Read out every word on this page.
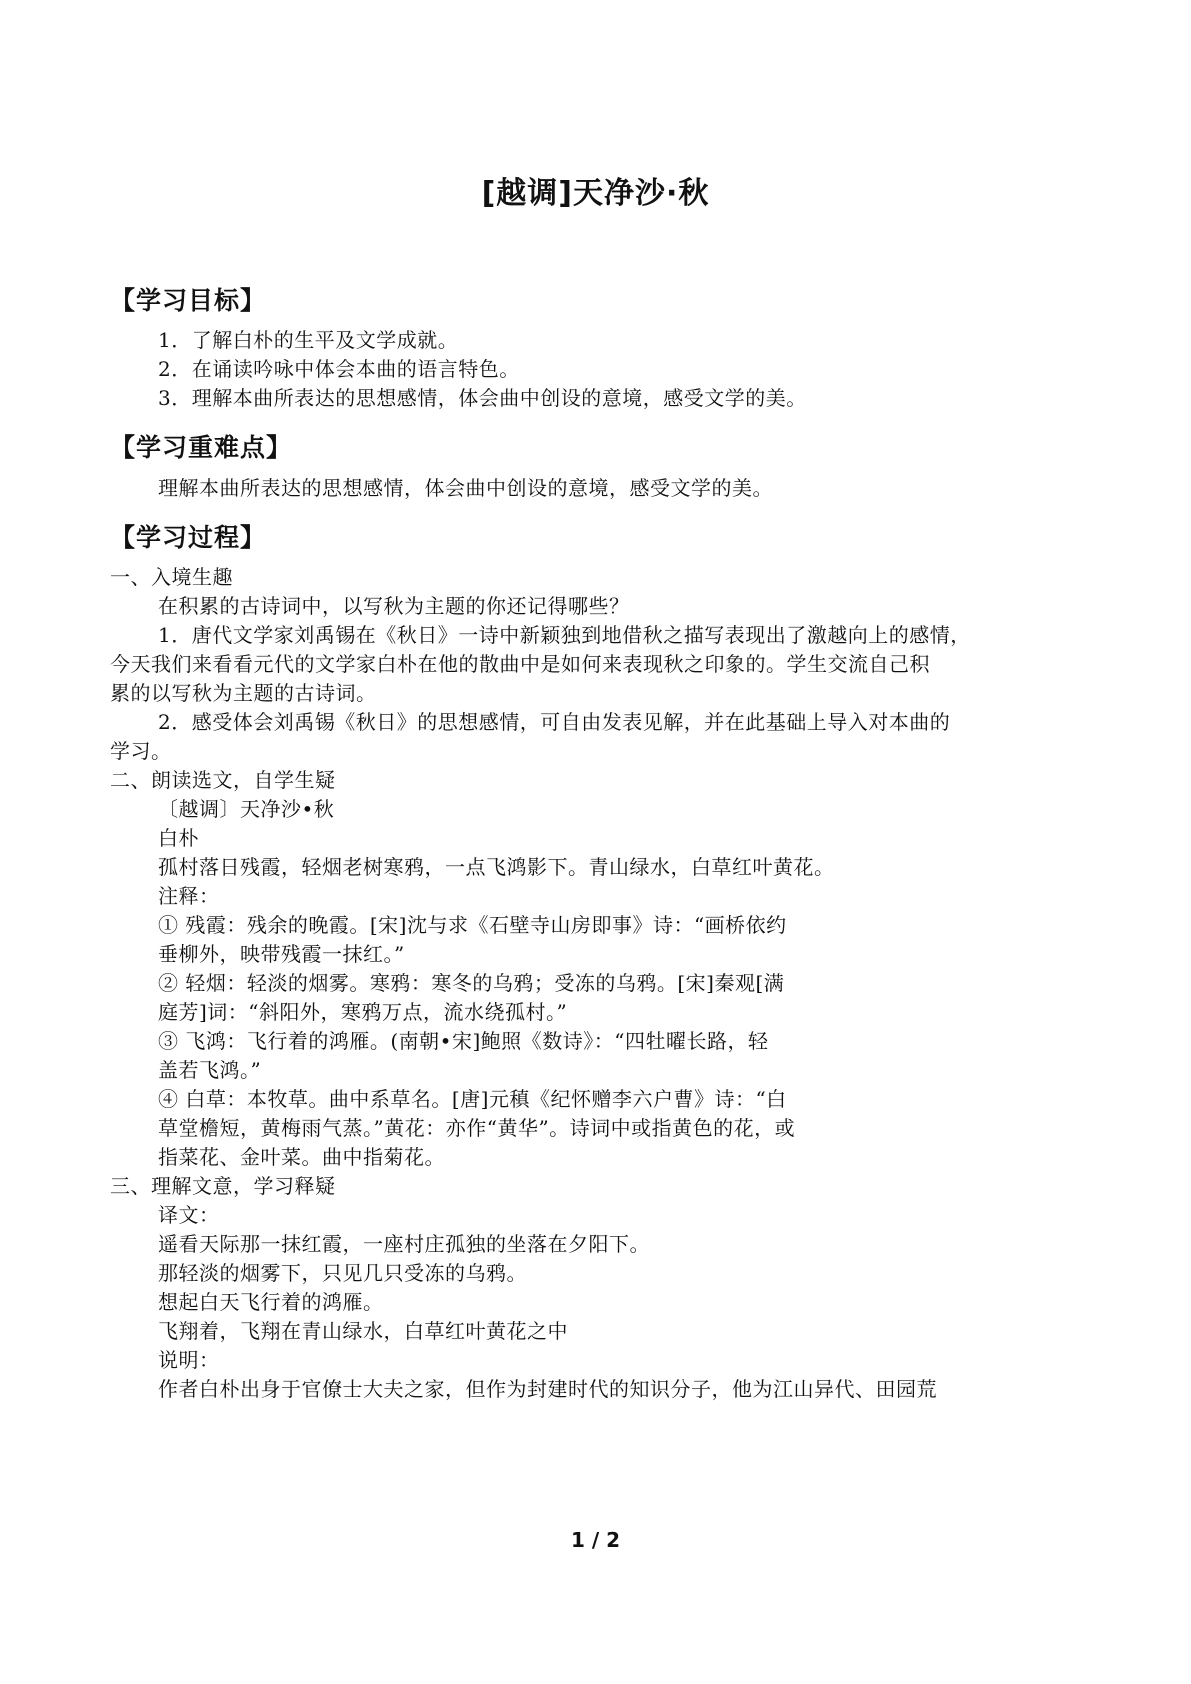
[越调]天净沙·秋
【学习目标】
1．了解白朴的生平及文学成就。
2．在诵读吟咏中体会本曲的语言特色。
3．理解本曲所表达的思想感情，体会曲中创设的意境，感受文学的美。
【学习重难点】
理解本曲所表达的思想感情，体会曲中创设的意境，感受文学的美。
【学习过程】
一、入境生趣
在积累的古诗词中，以写秋为主题的你还记得哪些？
1．唐代文学家刘禹锡在《秋日》一诗中新颖独到地借秋之描写表现出了激越向上的感情，
今天我们来看看元代的文学家白朴在他的散曲中是如何来表现秋之印象的。学生交流自己积
累的以写秋为主题的古诗词。
2．感受体会刘禹锡《秋日》的思想感情，可自由发表见解，并在此基础上导入对本曲的
学习。
二、朗读选文，自学生疑
〔越调〕天净沙•秋
白朴
孤村落日残霞，轻烟老树寒鸦，一点飞鸿影下。青山绿水，白草红叶黄花。
注释：
① 残霞：残余的晚霞。[宋]沈与求《石壁寺山房即事》诗：“画桥依约
垂柳外，映带残霞一抹红。”
② 轻烟：轻淡的烟雾。寒鸦：寒冬的乌鸦；受冻的乌鸦。[宋]秦观[满
庭芳]词：“斜阳外，寒鸦万点，流水绕孤村。”
③ 飞鸿：飞行着的鸿雁。(南朝•宋]鲍照《数诗》：“四牡曜长路，轻
盖若飞鸿。”
④ 白草：本牧草。曲中系草名。[唐]元稹《纪怀赠李六户曹》诗：“白
草堂檐短，黄梅雨气蒸。”黄花：亦作“黄华”。诗词中或指黄色的花，或
指菜花、金叶菜。曲中指菊花。
三、理解文意，学习释疑
译文：
遥看天际那一抹红霞，一座村庄孤独的坐落在夕阳下。
那轻淡的烟雾下，只见几只受冻的乌鸦。
想起白天飞行着的鸿雁。
飞翔着，飞翔在青山绿水，白草红叶黄花之中
说明：
作者白朴出身于官僚士大夫之家，但作为封建时代的知识分子，他为江山异代、田园荒
1 / 2
